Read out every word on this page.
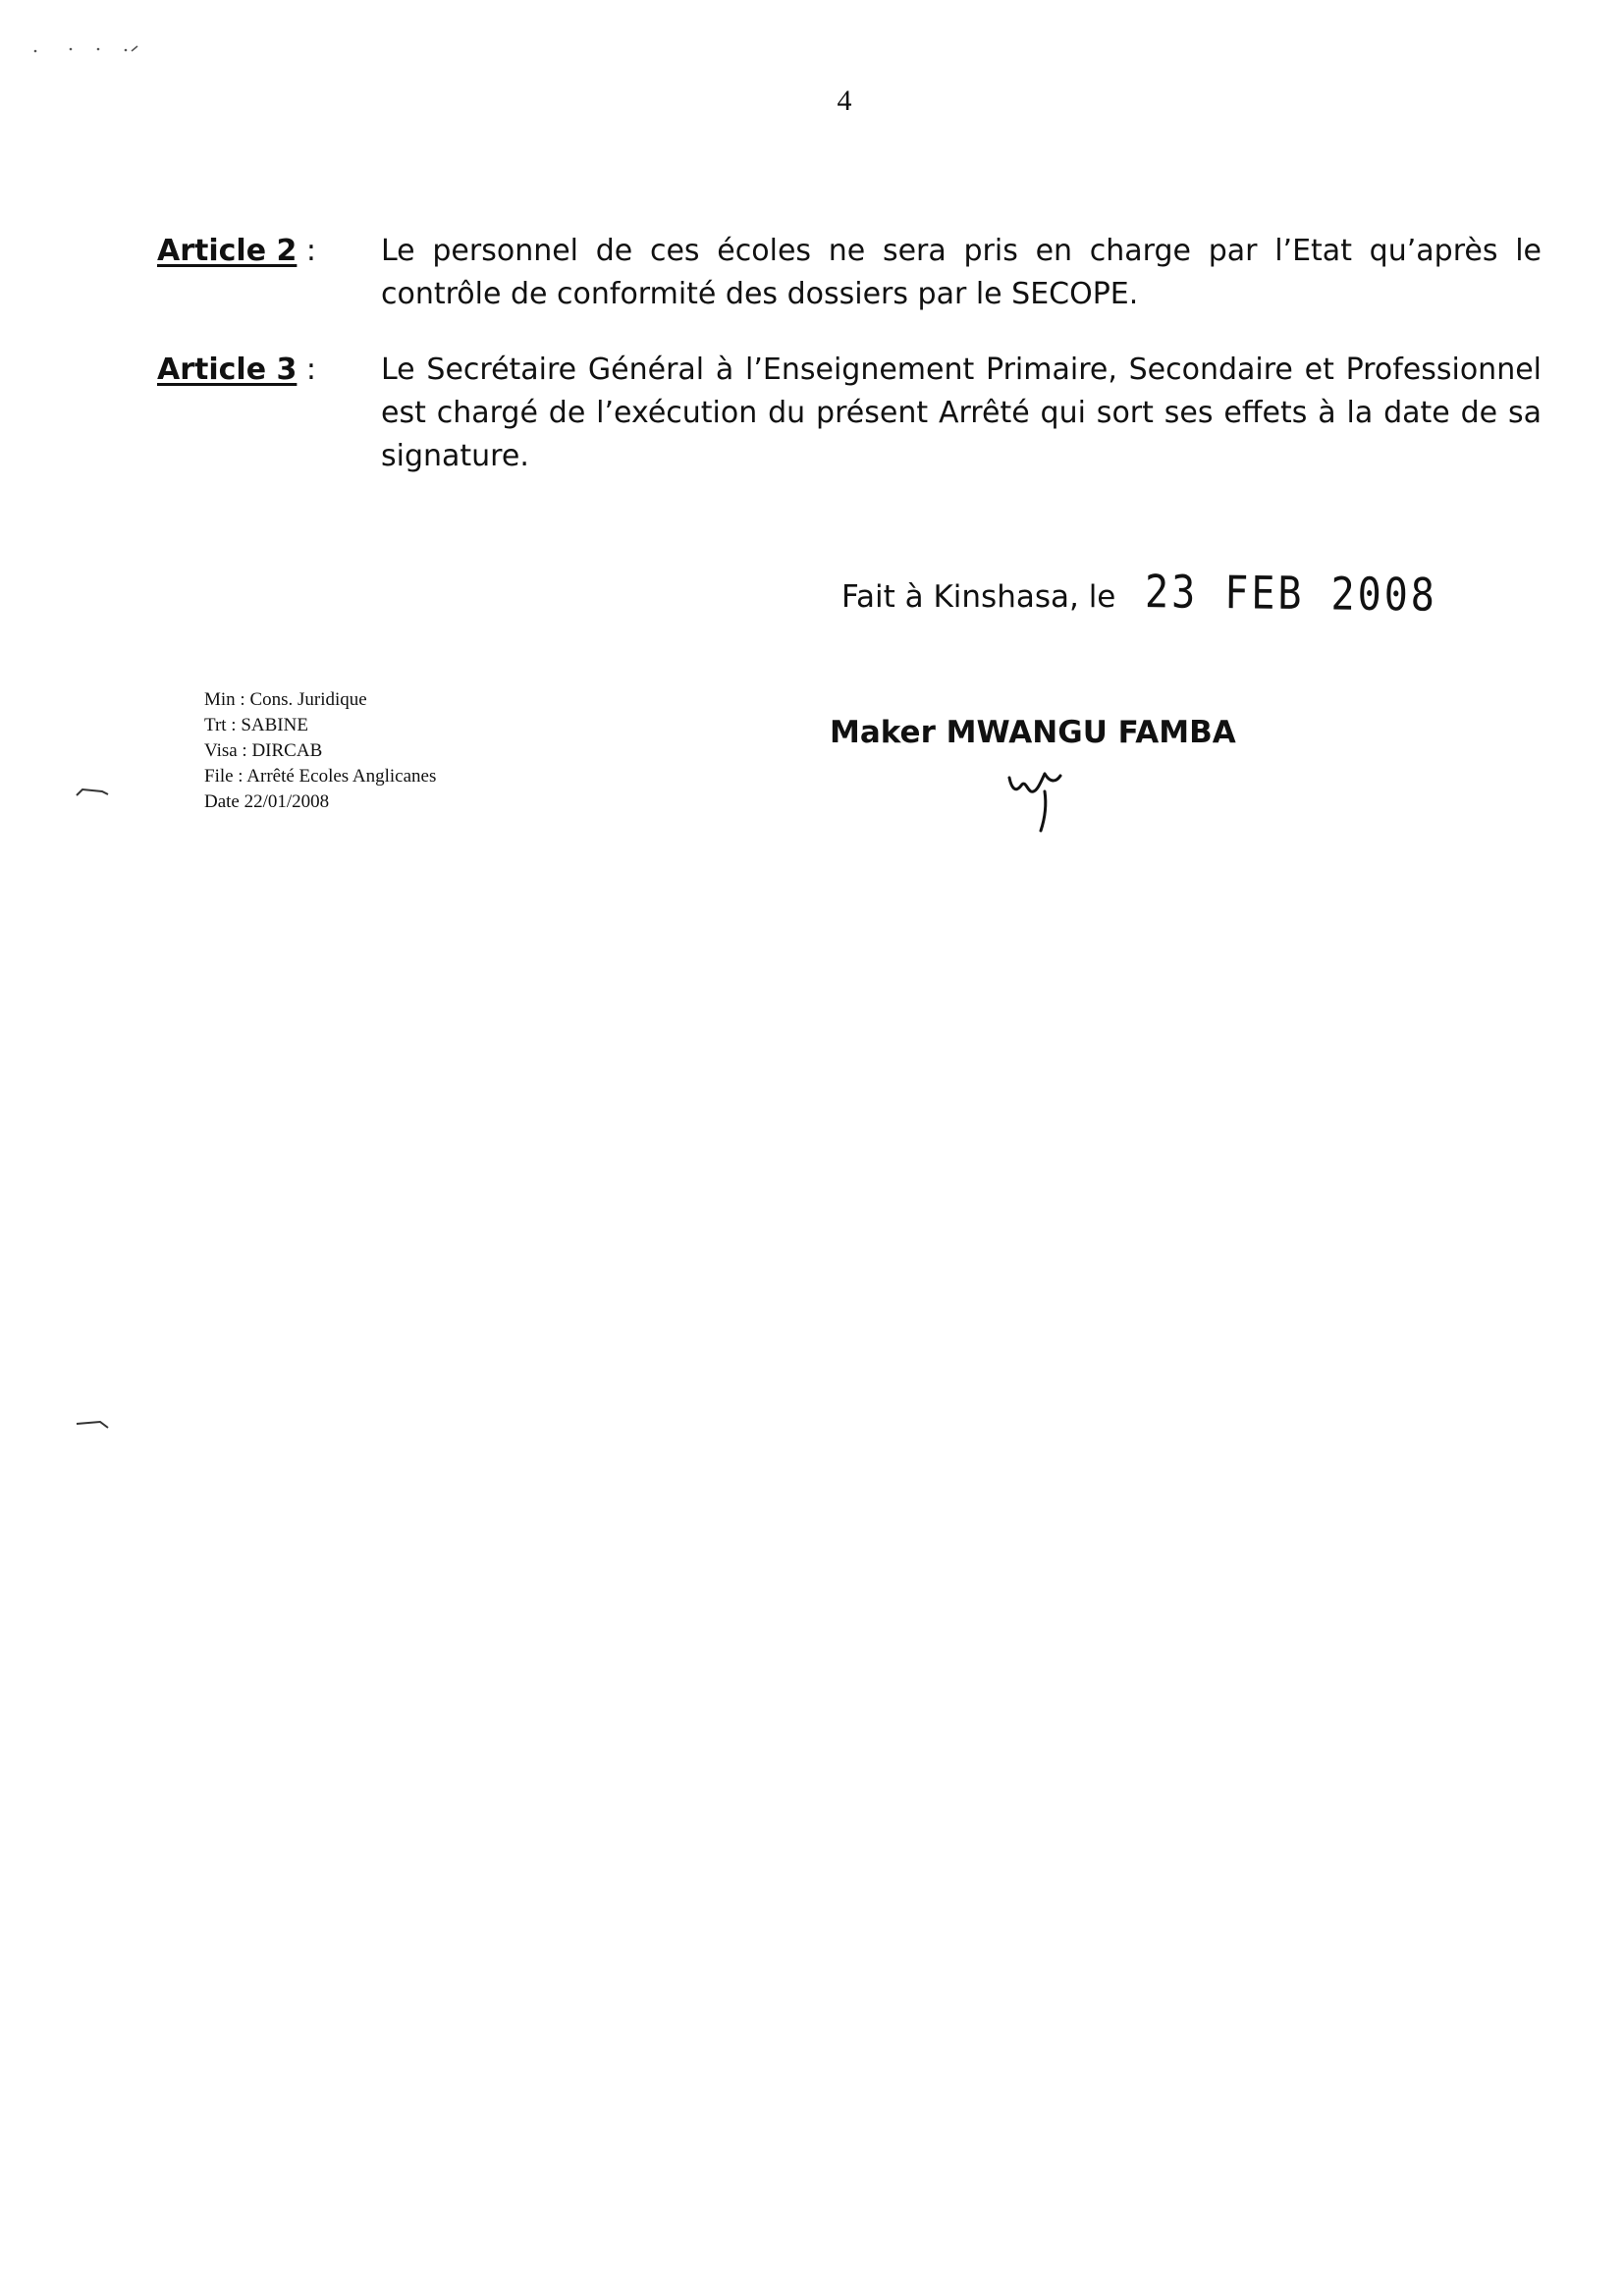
4
Article 2 : Le personnel de ces écoles ne sera pris en charge par l’Etat qu’après le contrôle de conformité des dossiers par le SECOPE.
Article 3 : Le Secrétaire Général à l’Enseignement Primaire, Secondaire et Professionnel est chargé de l’exécution du présent Arrêté qui sort ses effets à la date de sa signature.
Fait à Kinshasa, le 23 FEB 2008
Maker MWANGU FAMBA
Min : Cons. Juridique
Trt : SABINE
Visa : DIRCAB
File : Arrêté Ecoles Anglicanes
Date 22/01/2008
